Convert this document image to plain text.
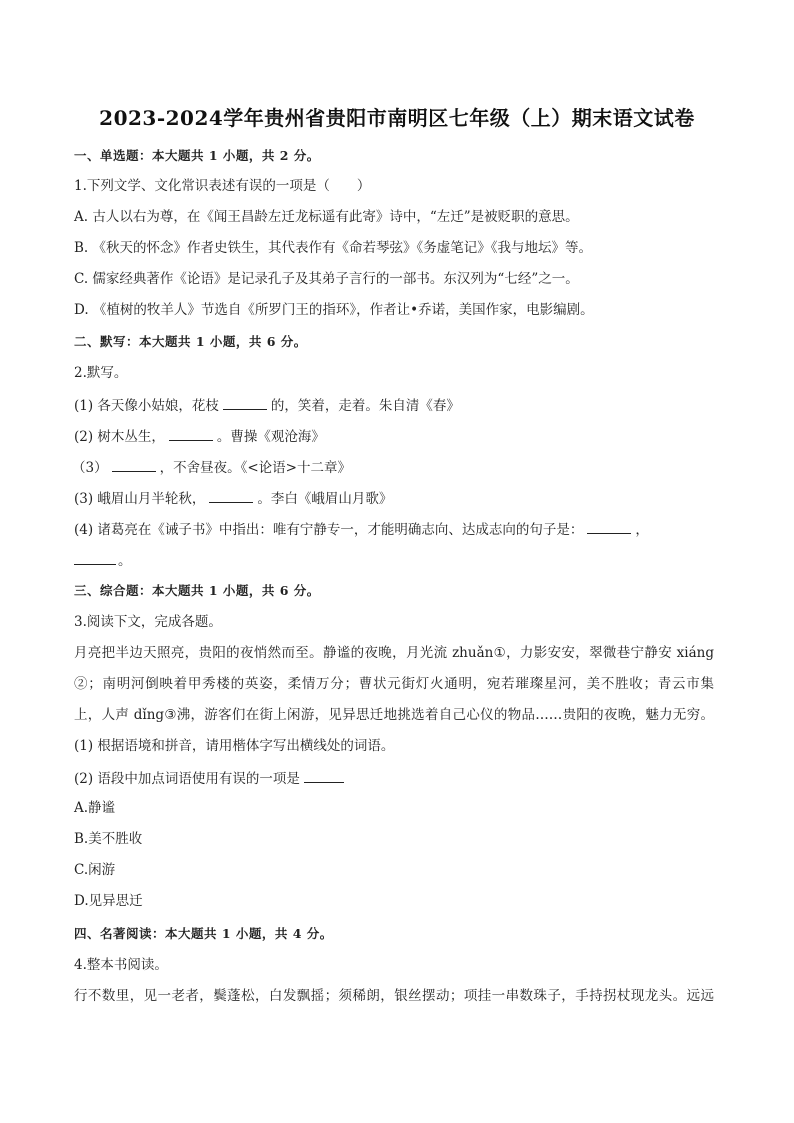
2023-2024学年贵州省贵阳市南明区七年级（上）期末语文试卷
一、单选题：本大题共 1 小题，共 2 分。
1.下列文学、文化常识表述有误的一项是（　　）
A. 古人以右为尊，在《闻王昌龄左迁龙标遥有此寄》诗中，“左迁”是被贬职的意思。
B. 《秋天的怀念》作者史铁生，其代表作有《命若琴弦》《务虚笔记》《我与地坛》等。
C. 儒家经典著作《论语》是记录孔子及其弟子言行的一部书。东汉列为“七经”之一。
D. 《植树的牧羊人》节选自《所罗门王的指环》，作者让•乔诺，美国作家，电影编剧。
二、默写：本大题共 1 小题，共 6 分。
2.默写。
(1) 各天像小姑娘，花枝	的，笑着，走着。朱自清《春》
(2) 树木丛生，	。曹操《观沧海》
（3）	，不舍昼夜。《<论语>十二章》
(3) 峨眉山月半轮秋，	。李白《峨眉山月歌》
(4) 诸葛亮在《诫子书》中指出：唯有宁静专一，才能明确志向、达成志向的句子是：	，
。
三、综合题：本大题共 1 小题，共 6 分。
3.阅读下文，完成各题。
月亮把半边天照亮，贵阳的夜悄然而至。静谧的夜晚，月光流 zhuǎn①，力影安安，翠微巷宁静安 xiáng
②；南明河倒映着甲秀楼的英姿，柔情万分；曹状元街灯火通明，宛若璀璨星河，美不胜收；青云市集
上，人声 dǐng③沸，游客们在街上闲游，见异思迁地挑选着自己心仪的物品……贵阳的夜晚，魅力无穷。
(1) 根据语境和拼音，请用楷体字写出横线处的词语。
(2) 语段中加点词语使用有误的一项是
A.静谧
B.美不胜收
C.闲游
D.见异思迁
四、名著阅读：本大题共 1 小题，共 4 分。
4.整本书阅读。
行不数里，见一老者，鬓蓬松，白发飘摇；须稀朗，银丝摆动；项挂一串数珠子，手持拐杖现龙头。远远
